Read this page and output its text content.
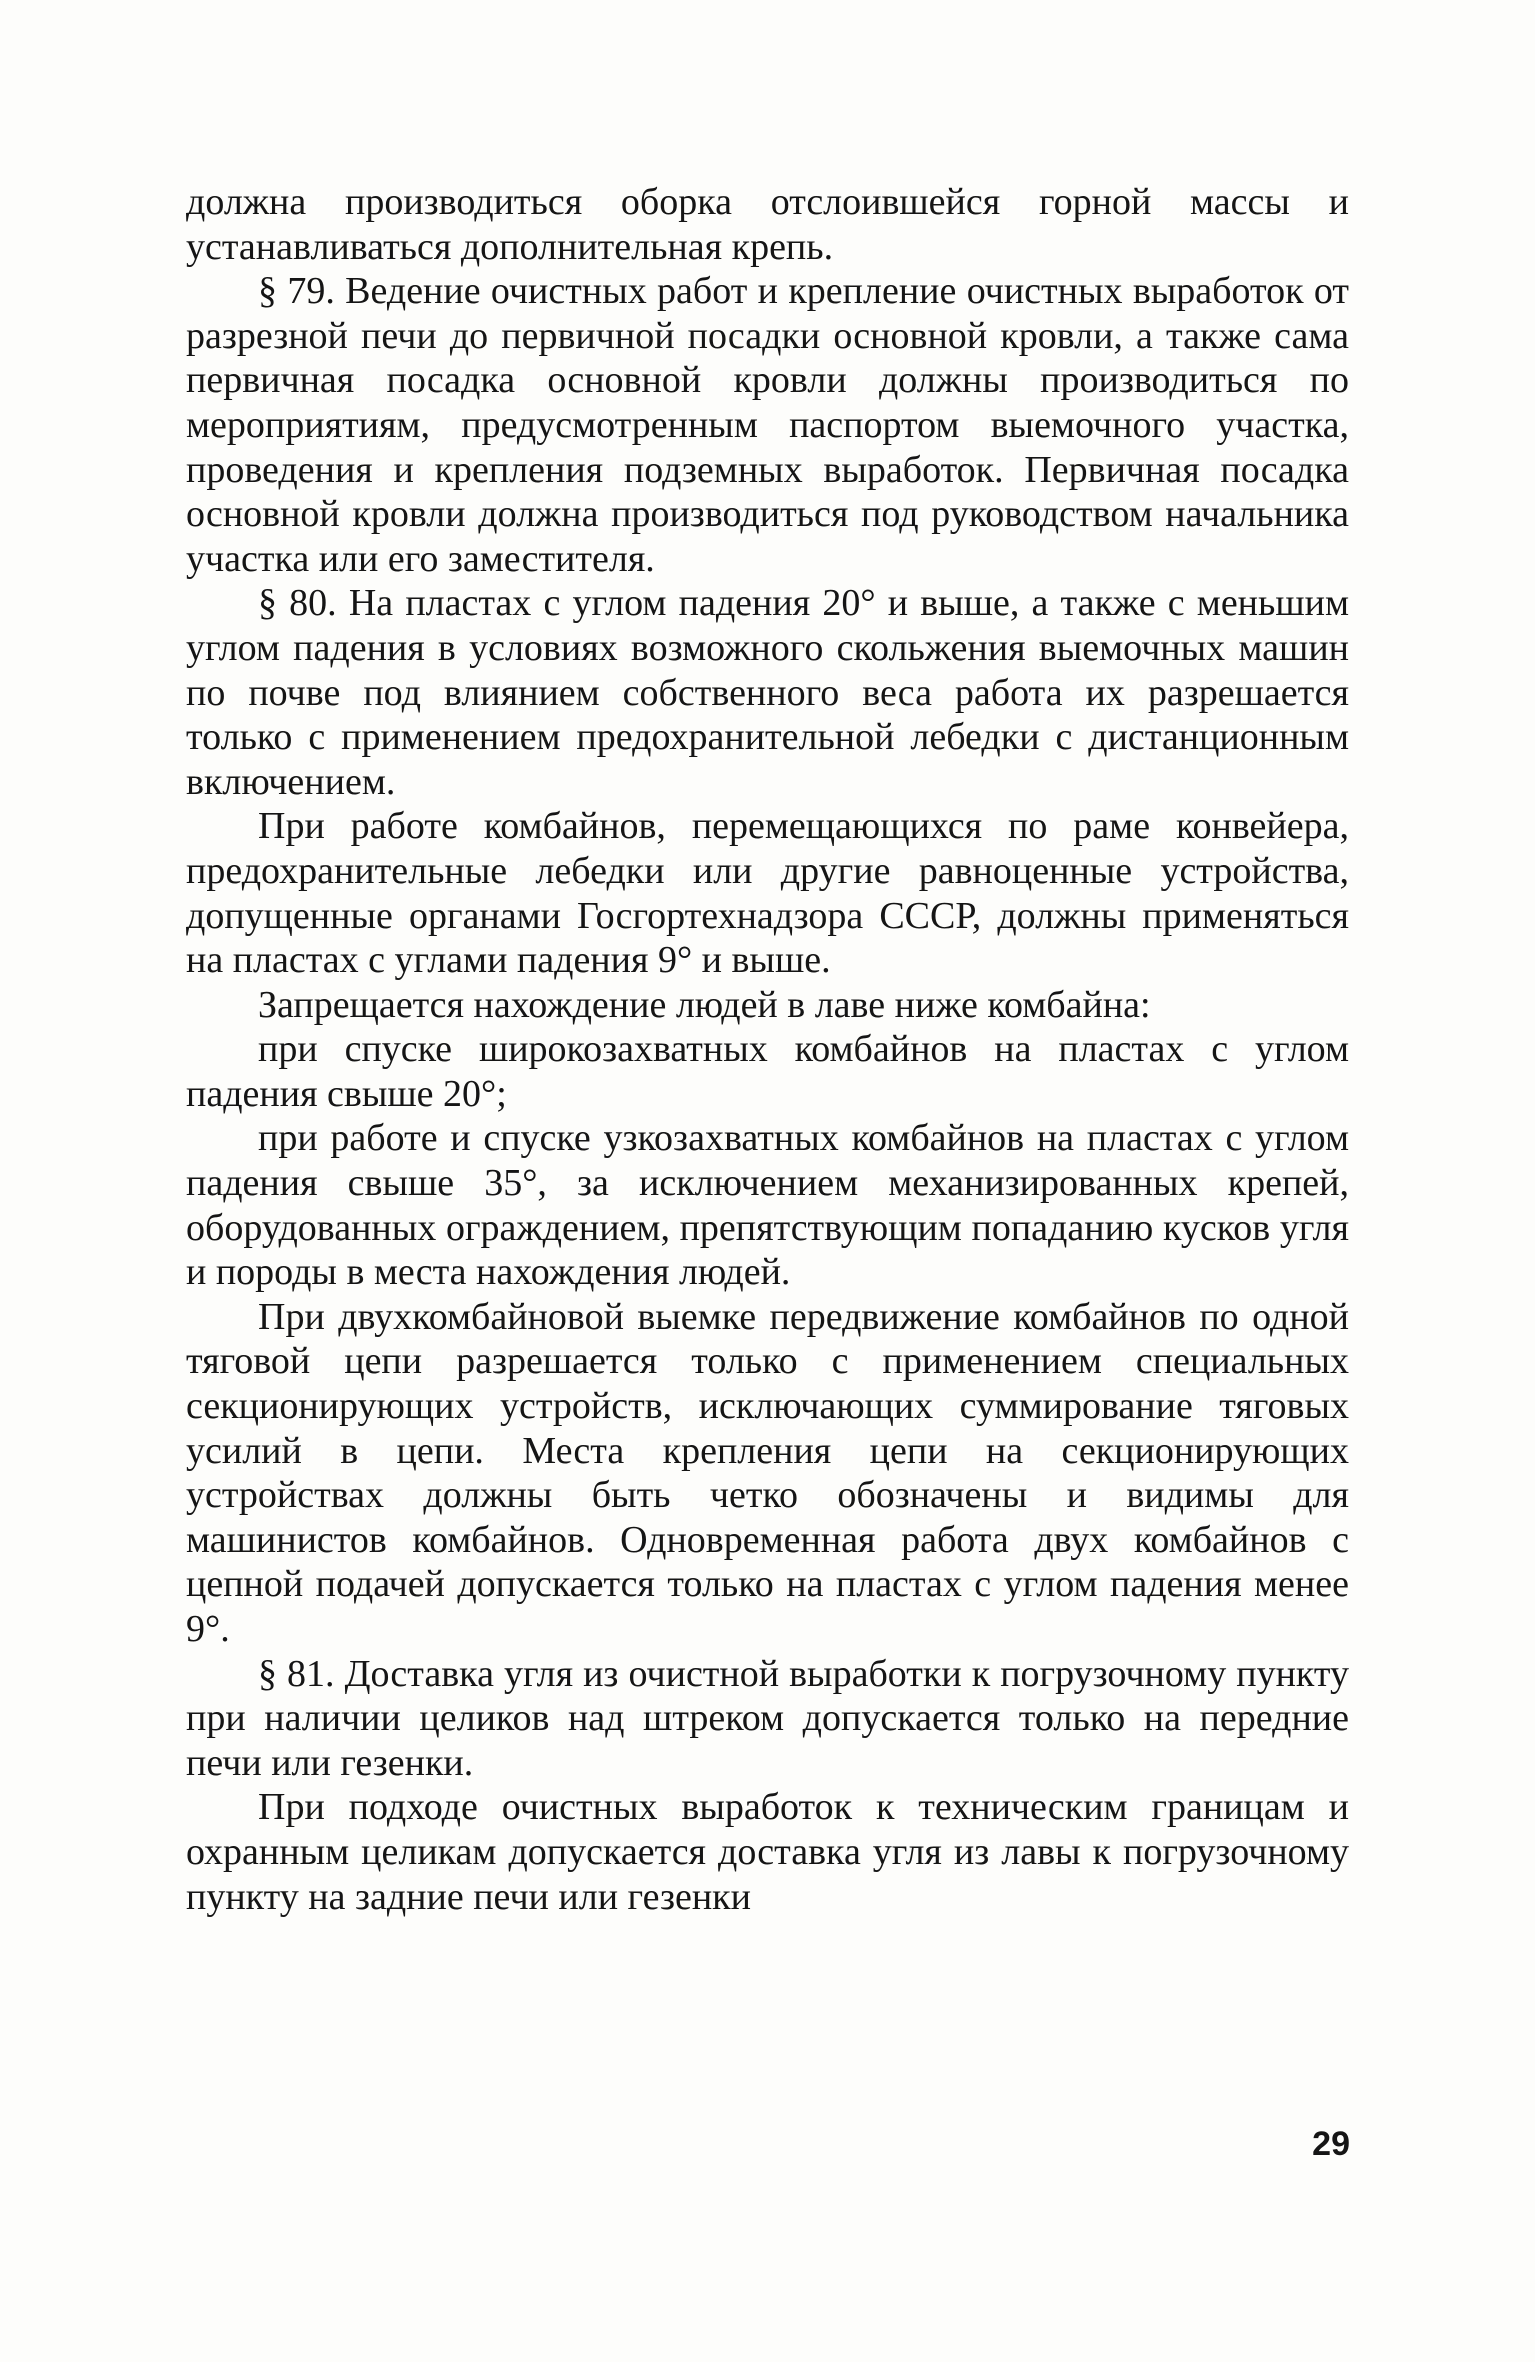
должна производиться оборка отслоившейся горной массы и устанавливаться дополнительная крепь.

§ 79. Ведение очистных работ и крепление очистных выработок от разрезной печи до первичной посадки основной кровли, а также сама первичная посадка основной кровли должны производиться по мероприятиям, предусмотренным паспортом выемочного участка, проведения и крепления подземных выработок. Первичная посадка основной кровли должна производиться под руководством начальника участка или его заместителя.

§ 80. На пластах с углом падения 20° и выше, а также с меньшим углом падения в условиях возможного скольжения выемочных машин по почве под влиянием собственного веса работа их разрешается только с применением предохранительной лебедки с дистанционным включением.

При работе комбайнов, перемещающихся по раме конвейера, предохранительные лебедки или другие равноценные устройства, допущенные органами Госгортехнадзора СССР, должны применяться на пластах с углами падения 9° и выше.

Запрещается нахождение людей в лаве ниже комбайна:

при спуске широкозахватных комбайнов на пластах с углом падения свыше 20°;

при работе и спуске узкозахватных комбайнов на пластах с углом падения свыше 35°, за исключением механизированных крепей, оборудованных ограждением, препятствующим попаданию кусков угля и породы в места нахождения людей.

При двухкомбайновой выемке передвижение комбайнов по одной тяговой цепи разрешается только с применением специальных секционирующих устройств, исключающих суммирование тяговых усилий в цепи. Места крепления цепи на секционирующих устройствах должны быть четко обозначены и видимы для машинистов комбайнов. Одновременная работа двух комбайнов с цепной подачей допускается только на пластах с углом падения менее 9°.

§ 81. Доставка угля из очистной выработки к погрузочному пункту при наличии целиков над штреком допускается только на передние печи или гезенки.

При подходе очистных выработок к техническим границам и охранным целикам допускается доставка угля из лавы к погрузочному пункту на задние печи или гезенки

29
